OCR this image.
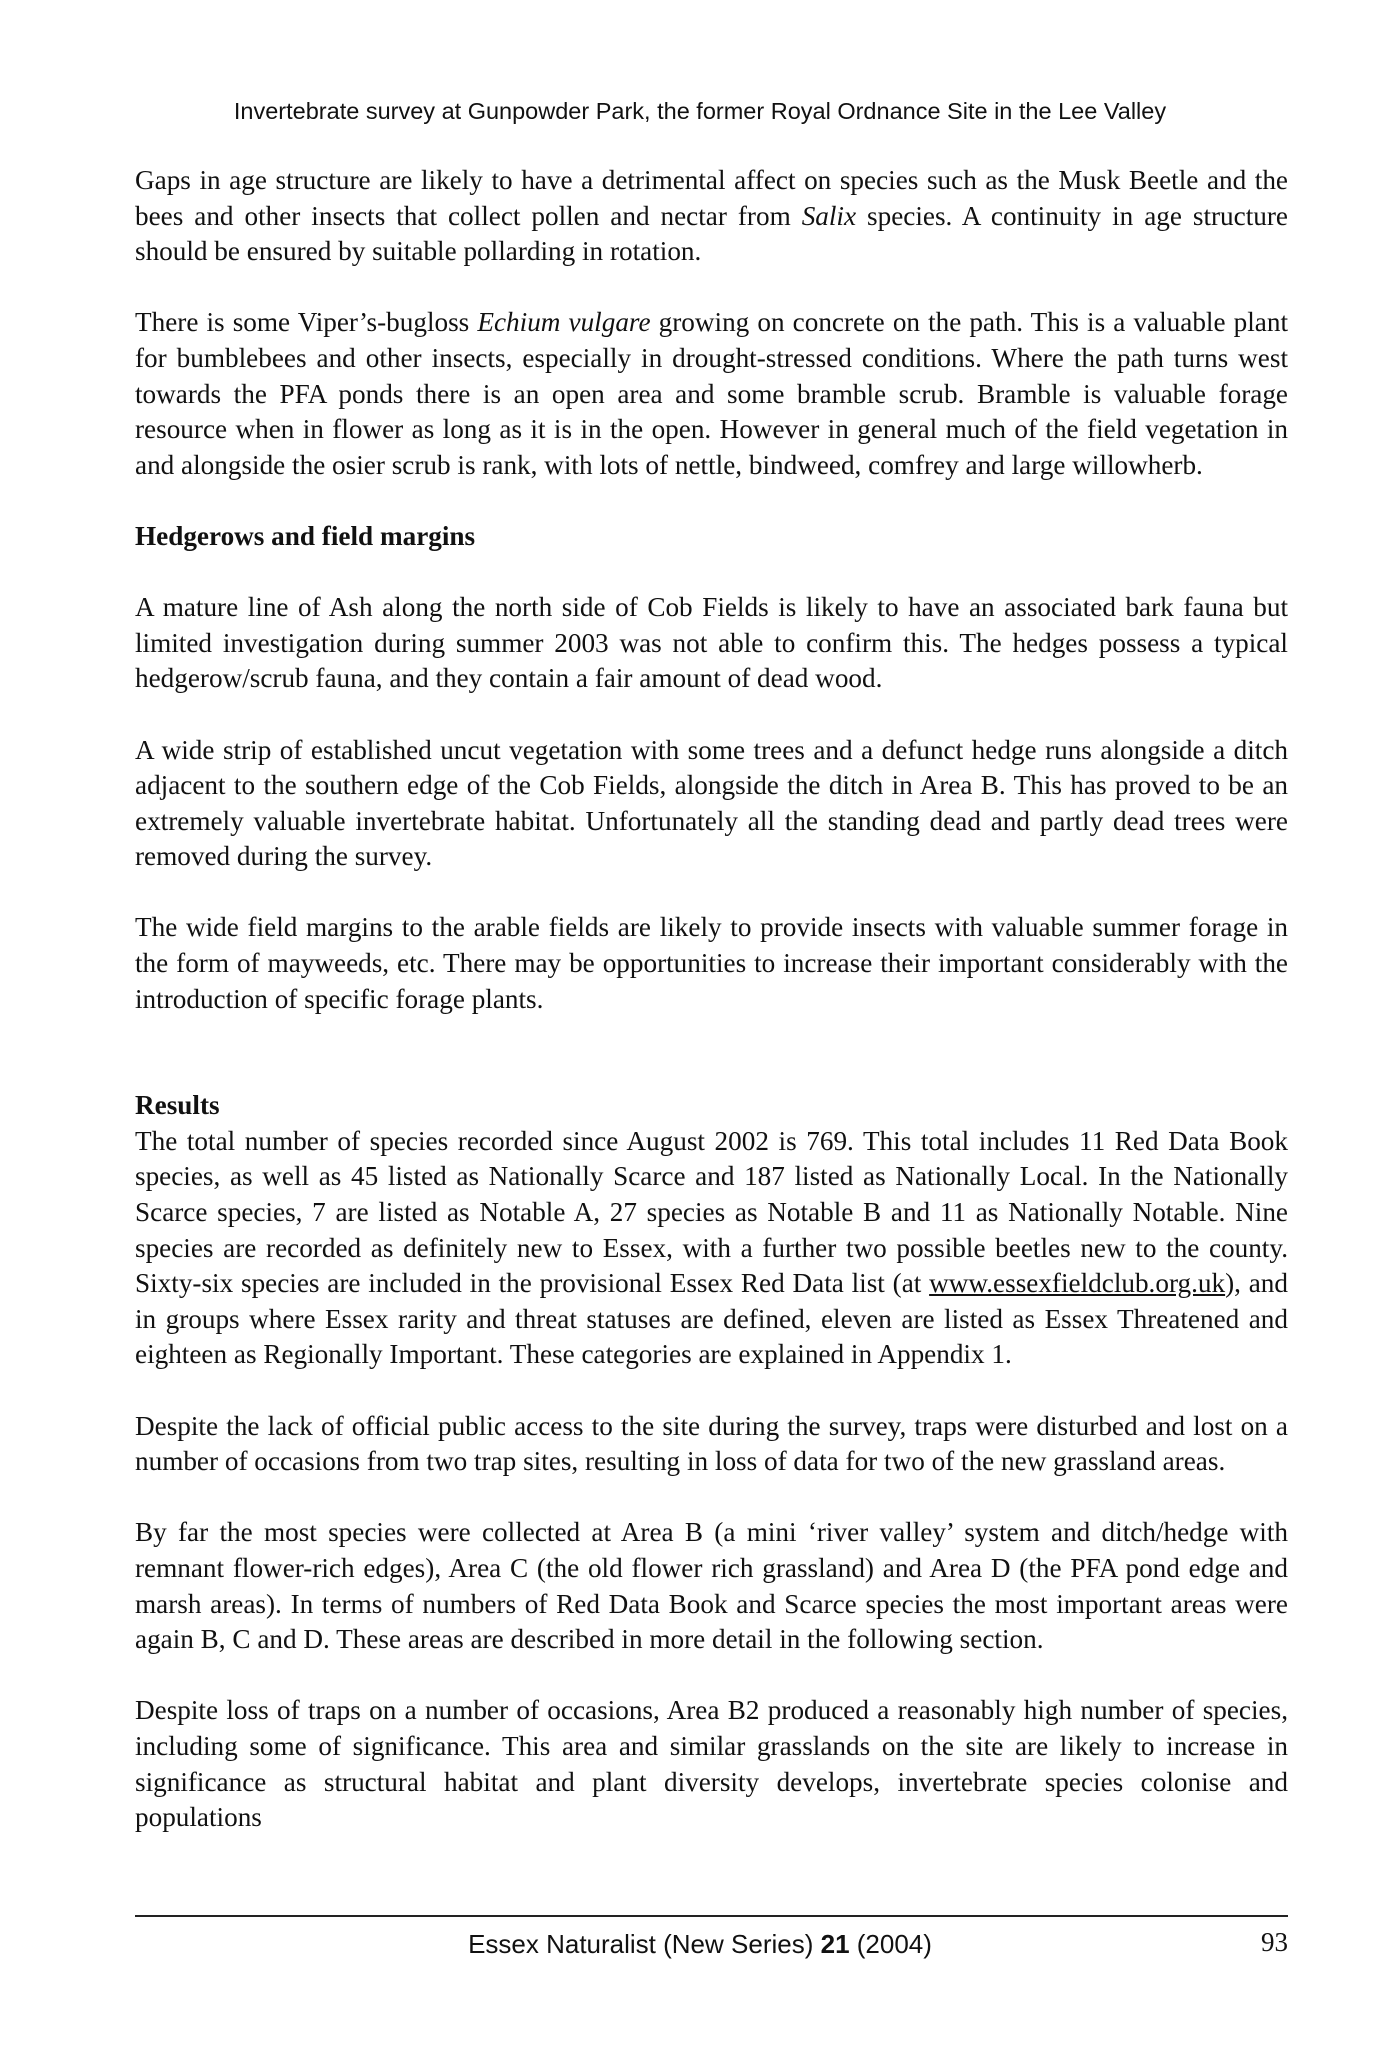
Invertebrate survey at Gunpowder Park, the former Royal Ordnance Site in the Lee Valley

Gaps in age structure are likely to have a detrimental affect on species such as the Musk Beetle and the bees and other insects that collect pollen and nectar from Salix species. A continuity in age structure should be ensured by suitable pollarding in rotation.

There is some Viper’s-bugloss Echium vulgare growing on concrete on the path. This is a valuable plant for bumblebees and other insects, especially in drought-stressed conditions. Where the path turns west towards the PFA ponds there is an open area and some bramble scrub. Bramble is valuable forage resource when in flower as long as it is in the open. However in general much of the field vegetation in and alongside the osier scrub is rank, with lots of nettle, bindweed, comfrey and large willowherb.

Hedgerows and field margins

A mature line of Ash along the north side of Cob Fields is likely to have an associated bark fauna but limited investigation during summer 2003 was not able to confirm this. The hedges possess a typical hedgerow/scrub fauna, and they contain a fair amount of dead wood.

A wide strip of established uncut vegetation with some trees and a defunct hedge runs alongside a ditch adjacent to the southern edge of the Cob Fields, alongside the ditch in Area B. This has proved to be an extremely valuable invertebrate habitat. Unfortunately all the standing dead and partly dead trees were removed during the survey.

The wide field margins to the arable fields are likely to provide insects with valuable summer forage in the form of mayweeds, etc. There may be opportunities to increase their important considerably with the introduction of specific forage plants.

Results

The total number of species recorded since August 2002 is 769. This total includes 11 Red Data Book species, as well as 45 listed as Nationally Scarce and 187 listed as Nationally Local. In the Nationally Scarce species, 7 are listed as Notable A, 27 species as Notable B and 11 as Nationally Notable. Nine species are recorded as definitely new to Essex, with a further two possible beetles new to the county. Sixty-six species are included in the provisional Essex Red Data list (at www.essexfieldclub.org.uk), and in groups where Essex rarity and threat statuses are defined, eleven are listed as Essex Threatened and eighteen as Regionally Important. These categories are explained in Appendix 1.

Despite the lack of official public access to the site during the survey, traps were disturbed and lost on a number of occasions from two trap sites, resulting in loss of data for two of the new grassland areas.

By far the most species were collected at Area B (a mini ‘river valley’ system and ditch/hedge with remnant flower-rich edges), Area C (the old flower rich grassland) and Area D (the PFA pond edge and marsh areas). In terms of numbers of Red Data Book and Scarce species the most important areas were again B, C and D. These areas are described in more detail in the following section.

Despite loss of traps on a number of occasions, Area B2 produced a reasonably high number of species, including some of significance. This area and similar grasslands on the site are likely to increase in significance as structural habitat and plant diversity develops, invertebrate species colonise and populations

Essex Naturalist (New Series) 21 (2004)	93
